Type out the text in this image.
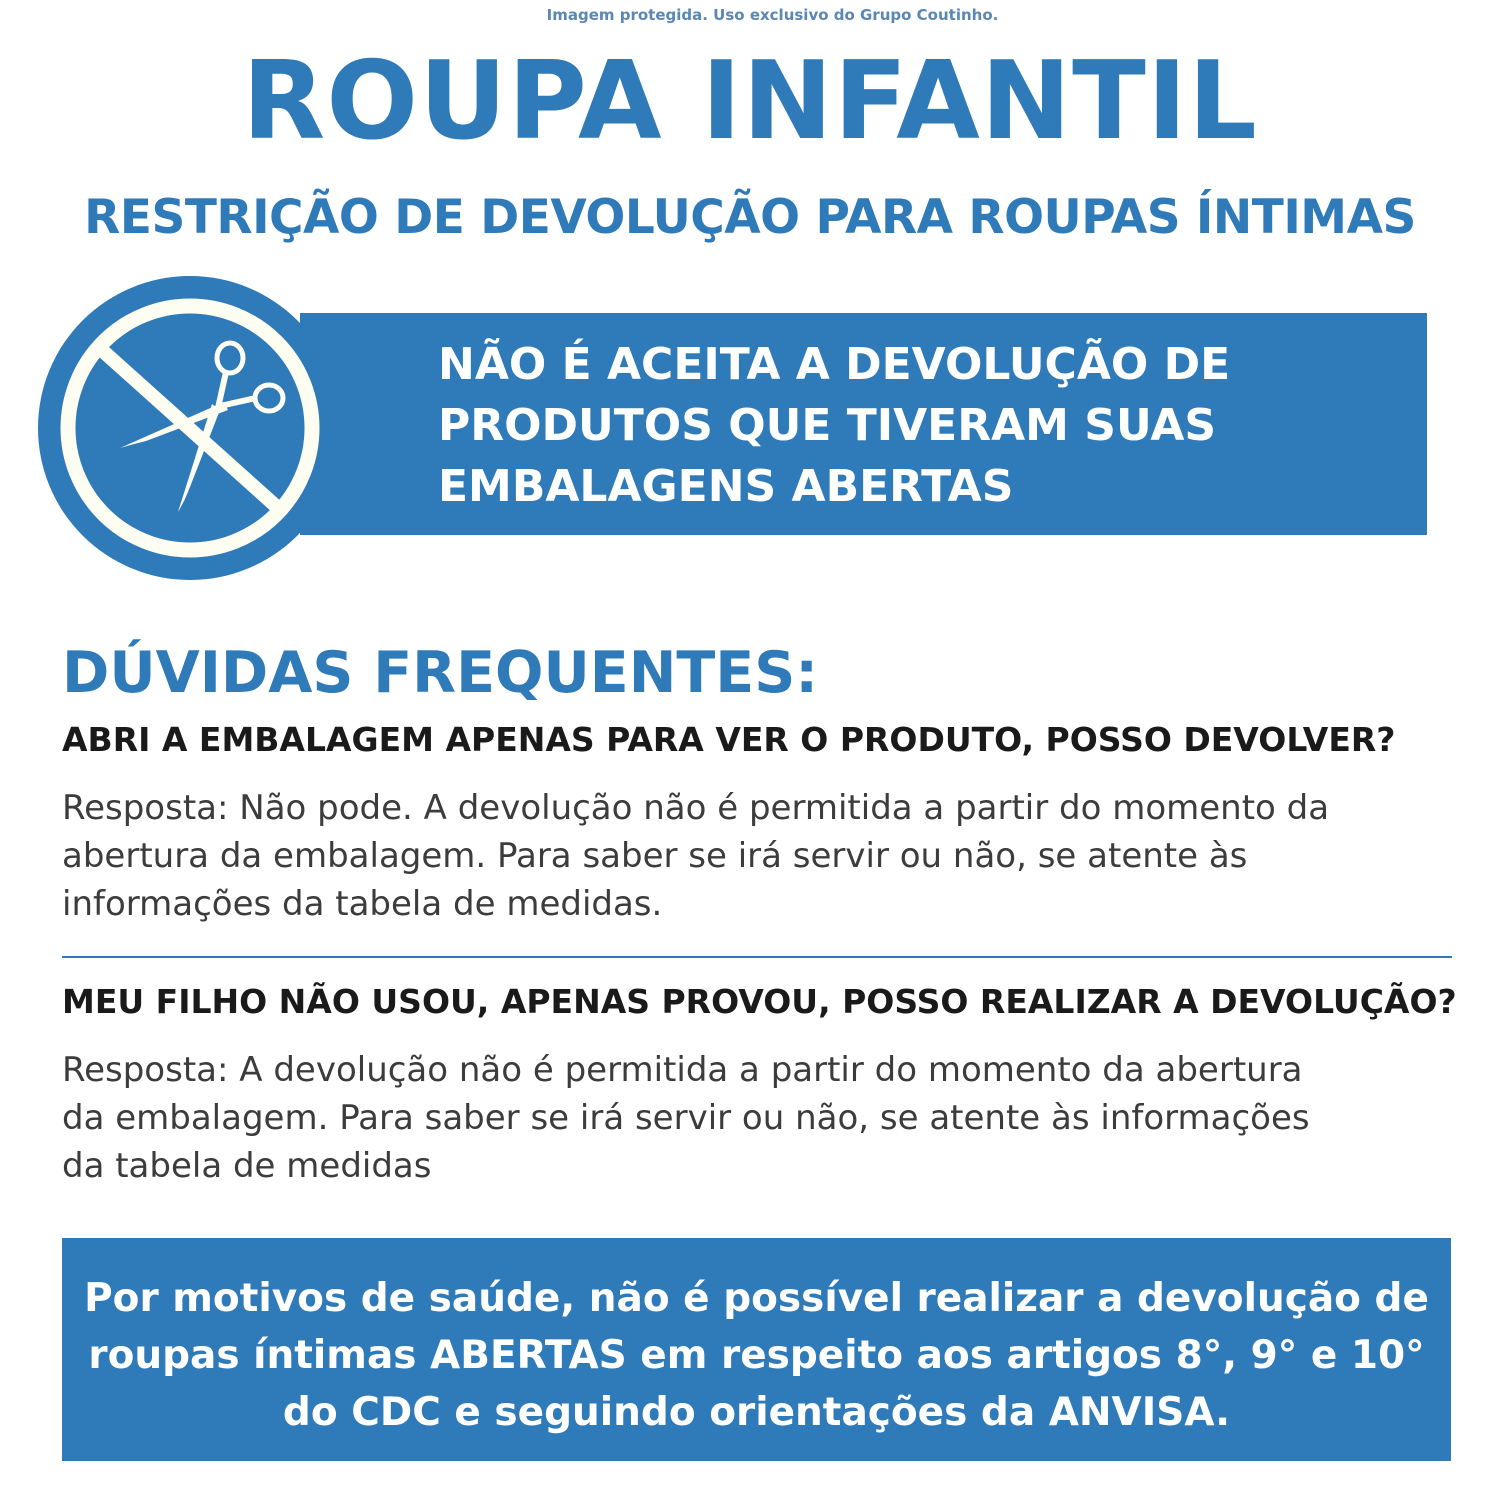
Imagem protegida. Uso exclusivo do Grupo Coutinho.
ROUPA INFANTIL
RESTRIÇÃO DE DEVOLUÇÃO PARA ROUPAS ÍNTIMAS
NÃO É ACEITA A DEVOLUÇÃO DE
PRODUTOS QUE TIVERAM SUAS
EMBALAGENS ABERTAS
DÚVIDAS FREQUENTES:
ABRI A EMBALAGEM APENAS PARA VER O PRODUTO, POSSO DEVOLVER?
Resposta: Não pode. A devolução não é permitida a partir do momento da
abertura da embalagem. Para saber se irá servir ou não, se atente às
informações da tabela de medidas.
MEU FILHO NÃO USOU, APENAS PROVOU, POSSO REALIZAR A DEVOLUÇÃO?
Resposta: A devolução não é permitida a partir do momento da abertura
da embalagem. Para saber se irá servir ou não, se atente às informações
da tabela de medidas
Por motivos de saúde, não é possível realizar a devolução de
roupas íntimas ABERTAS em respeito aos artigos 8°, 9° e 10°
do CDC e seguindo orientações da ANVISA.
